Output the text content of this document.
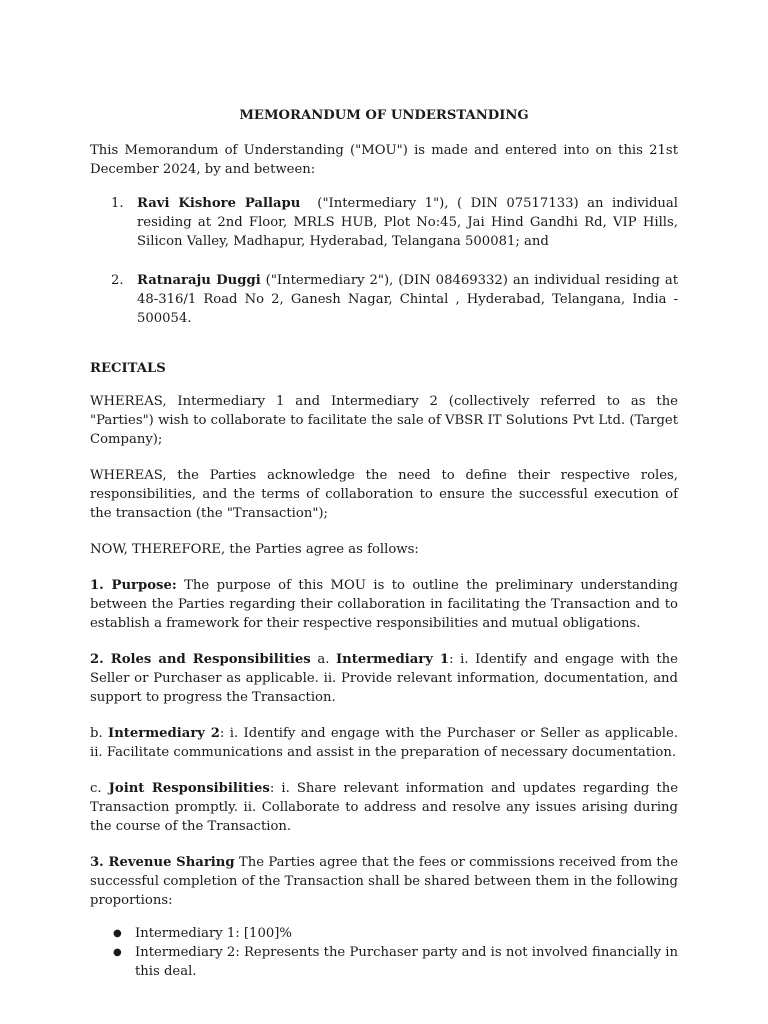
MEMORANDUM OF UNDERSTANDING

This Memorandum of Understanding ("MOU") is made and entered into on this 21st December 2024, by and between:

1. Ravi Kishore Pallapu  ("Intermediary 1"), ( DIN 07517133) an individual residing at 2nd Floor, MRLS HUB, Plot No:45, Jai Hind Gandhi Rd, VIP Hills, Silicon Valley, Madhapur, Hyderabad, Telangana 500081; and
2. Ratnaraju Duggi ("Intermediary 2"), (DIN 08469332) an individual residing at 48-316/1 Road No 2, Ganesh Nagar, Chintal , Hyderabad, Telangana, India - 500054.
RECITALS

WHEREAS, Intermediary 1 and Intermediary 2 (collectively referred to as the "Parties") wish to collaborate to facilitate the sale of VBSR IT Solutions Pvt Ltd. (Target Company);

WHEREAS, the Parties acknowledge the need to define their respective roles, responsibilities, and the terms of collaboration to ensure the successful execution of the transaction (the "Transaction");

NOW, THEREFORE, the Parties agree as follows:

1. Purpose: The purpose of this MOU is to outline the preliminary understanding between the Parties regarding their collaboration in facilitating the Transaction and to establish a framework for their respective responsibilities and mutual obligations.

2. Roles and Responsibilities a. Intermediary 1: i. Identify and engage with the Seller or Purchaser as applicable. ii. Provide relevant information, documentation, and support to progress the Transaction.

b. Intermediary 2: i. Identify and engage with the Purchaser or Seller as applicable. ii. Facilitate communications and assist in the preparation of necessary documentation.

c. Joint Responsibilities: i. Share relevant information and updates regarding the Transaction promptly. ii. Collaborate to address and resolve any issues arising during the course of the Transaction.

3. Revenue Sharing The Parties agree that the fees or commissions received from the successful completion of the Transaction shall be shared between them in the following proportions:

● Intermediary 1: [100]%
● Intermediary 2: Represents the Purchaser party and is not involved financially in this deal.
